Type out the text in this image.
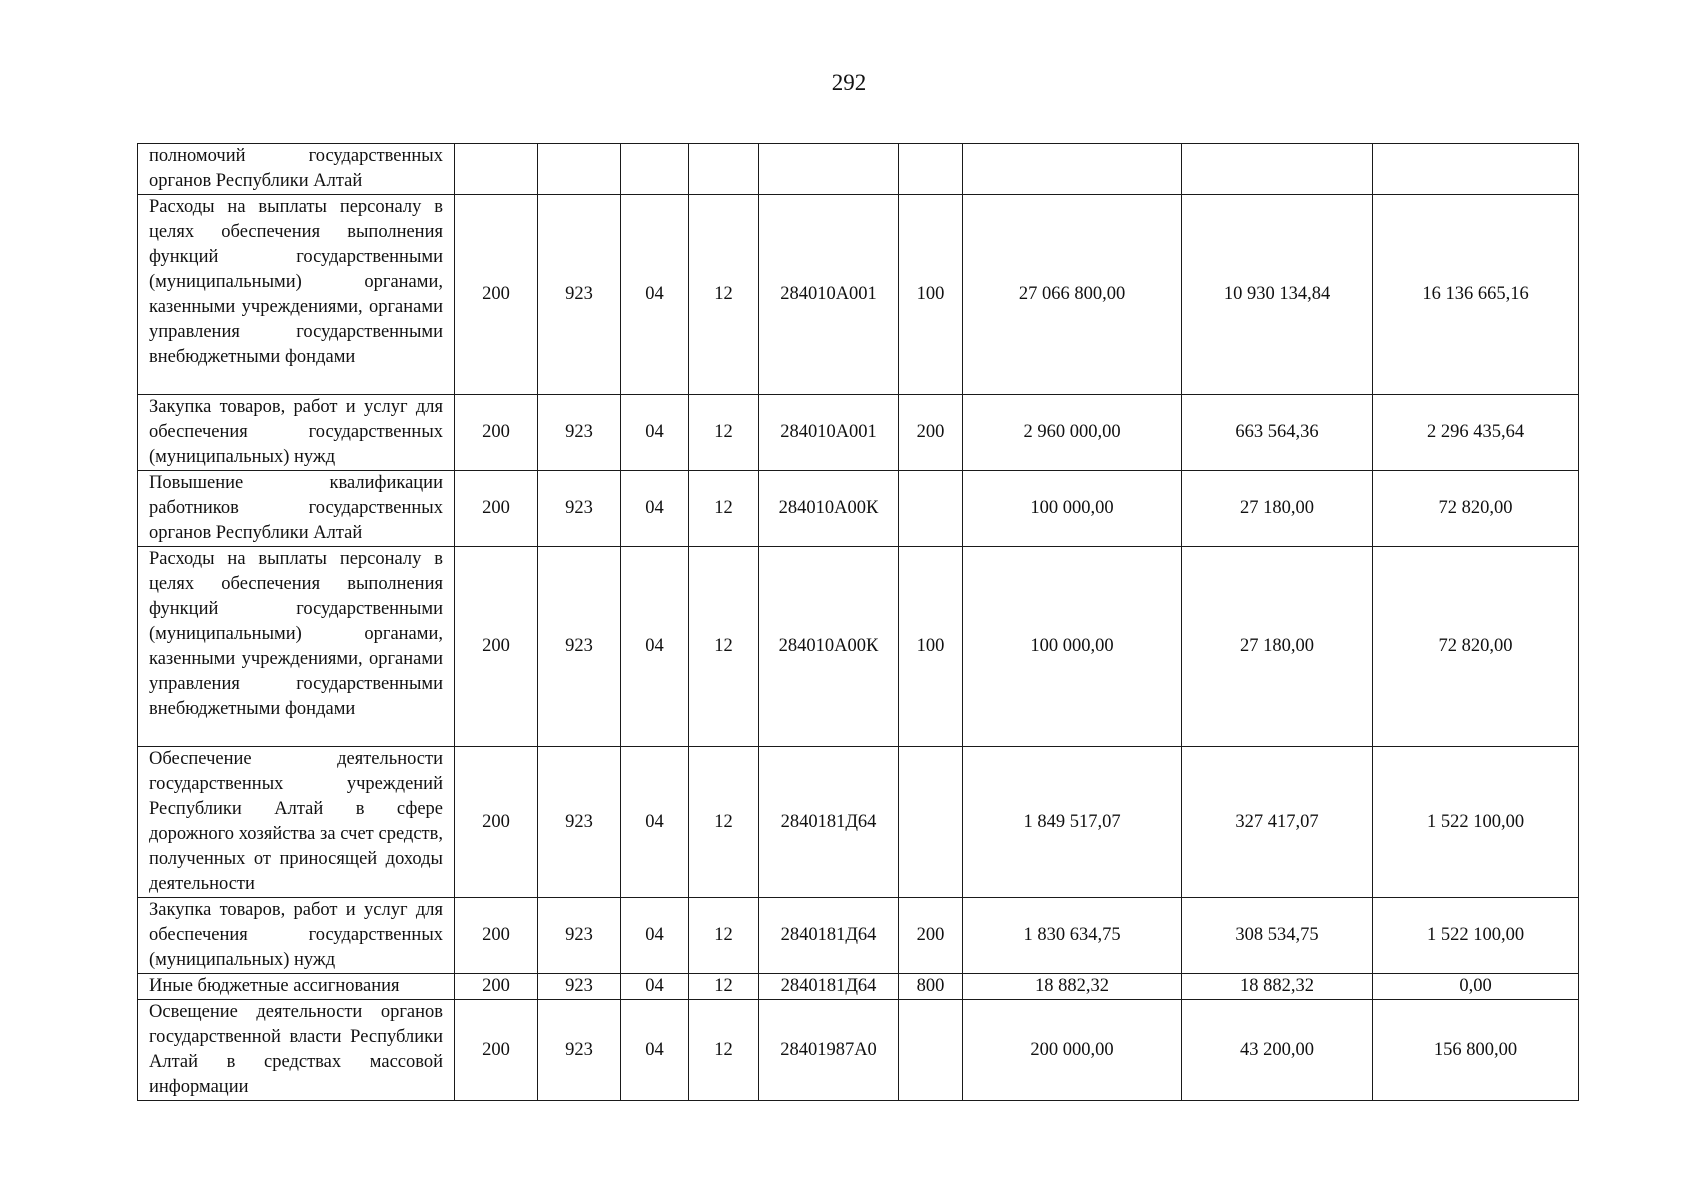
292
полномочий государственных органов Республики Алтай									
Расходы на выплаты персоналу в целях обеспечения выполнения функций государственными (муниципальными) органами, казенными учреждениями, органами управления государственными внебюджетными фондами	200	923	04	12	284010А001	100	27 066 800,00	10 930 134,84	16 136 665,16
Закупка товаров, работ и услуг для обеспечения государственных (муниципальных) нужд	200	923	04	12	284010А001	200	2 960 000,00	663 564,36	2 296 435,64
Повышение квалификации работников государственных органов Республики Алтай	200	923	04	12	284010А00К		100 000,00	27 180,00	72 820,00
Расходы на выплаты персоналу в целях обеспечения выполнения функций государственными (муниципальными) органами, казенными учреждениями, органами управления государственными внебюджетными фондами	200	923	04	12	284010А00К	100	100 000,00	27 180,00	72 820,00
Обеспечение деятельности государственных учреждений Республики Алтай в сфере дорожного хозяйства за счет средств, полученных от приносящей доходы деятельности	200	923	04	12	2840181Д64		1 849 517,07	327 417,07	1 522 100,00
Закупка товаров, работ и услуг для обеспечения государственных (муниципальных) нужд	200	923	04	12	2840181Д64	200	1 830 634,75	308 534,75	1 522 100,00
Иные бюджетные ассигнования	200	923	04	12	2840181Д64	800	18 882,32	18 882,32	0,00
Освещение деятельности органов государственной власти Республики Алтай в средствах массовой информации	200	923	04	12	28401987А0		200 000,00	43 200,00	156 800,00
